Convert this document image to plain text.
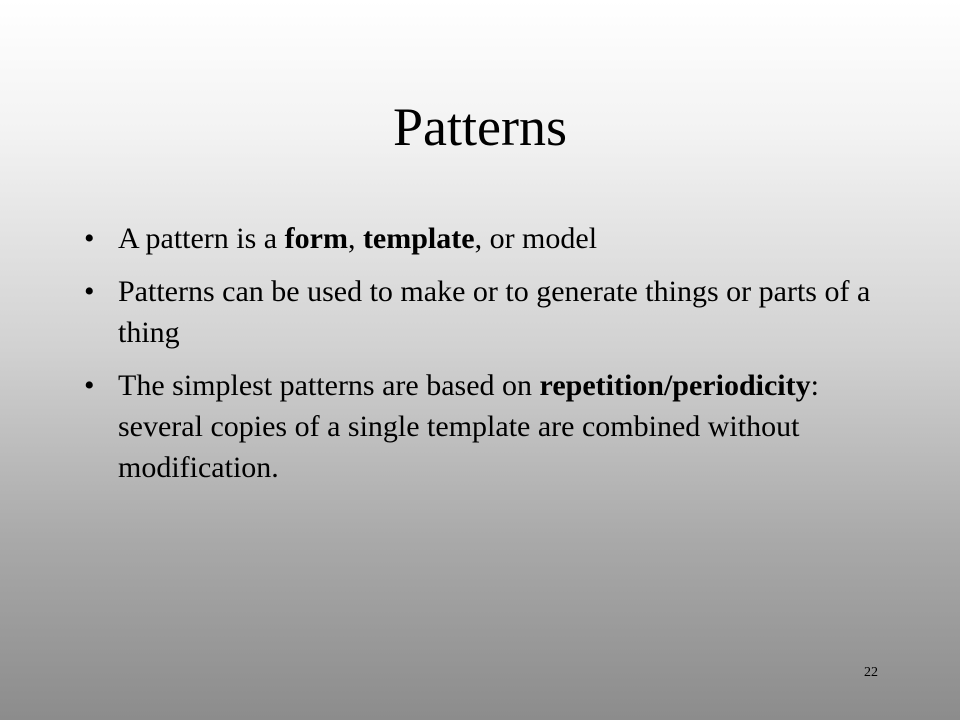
Patterns
• A pattern is a form, template, or model
• Patterns can be used to make or to generate things or parts of a thing
• The simplest patterns are based on repetition/periodicity: several copies of a single template are combined without modification.
22
